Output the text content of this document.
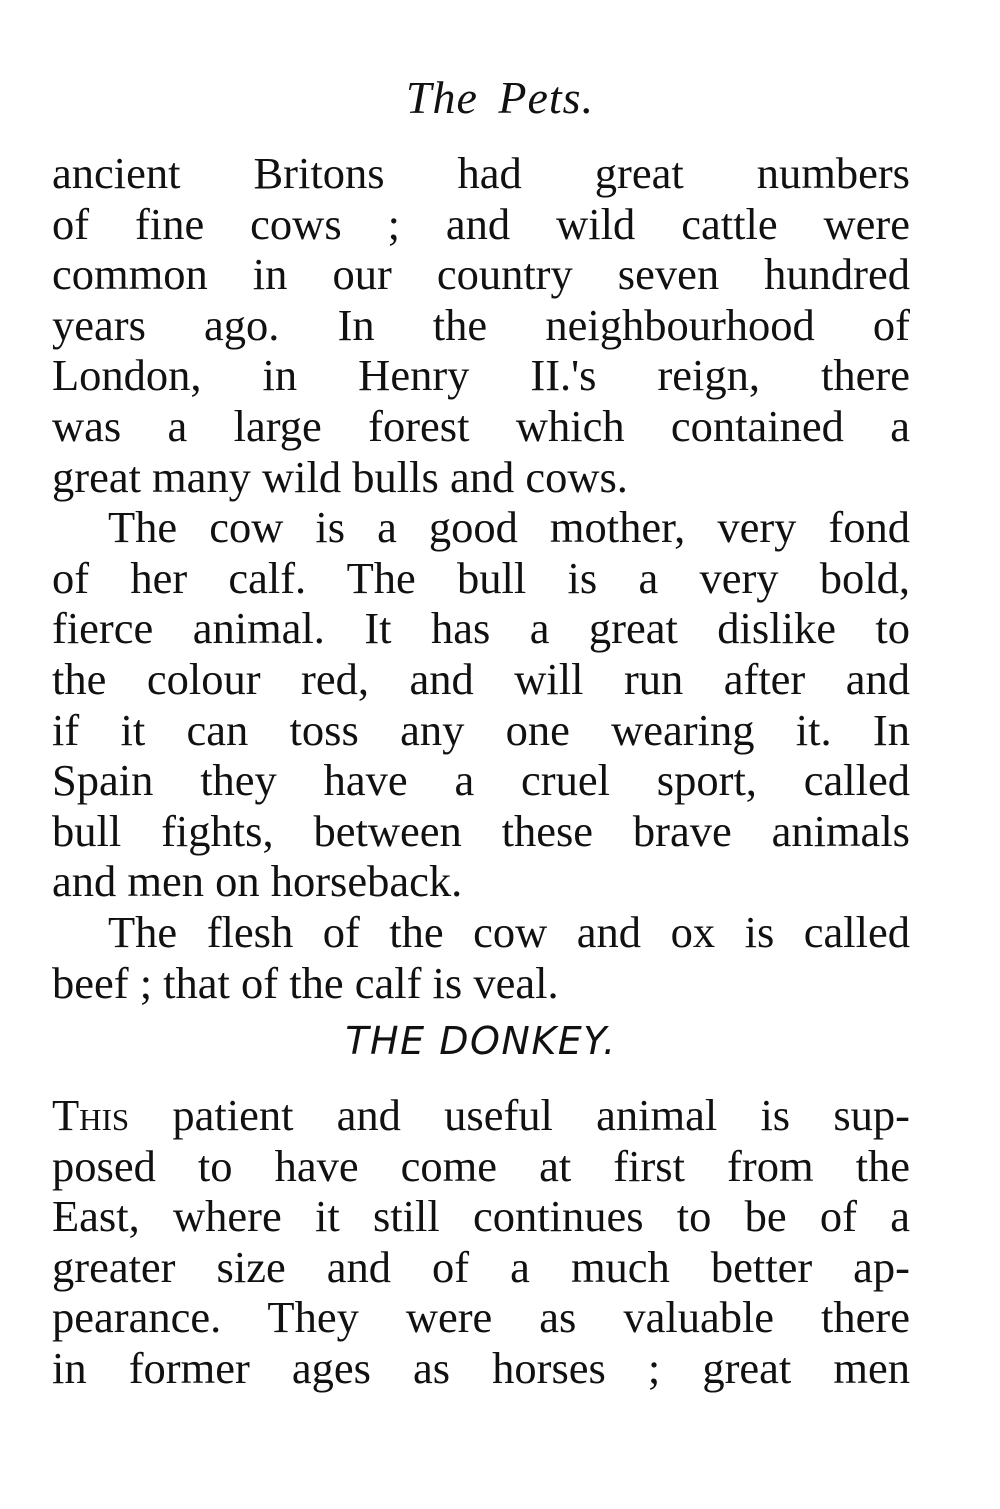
The Pets.
ancient Britons had great numbers
of fine cows ; and wild cattle were
common in our country seven hundred
years ago. In the neighbourhood of
London, in Henry II.'s reign, there
was a large forest which contained a
great many wild bulls and cows.
The cow is a good mother, very fond
of her calf. The bull is a very bold,
fierce animal. It has a great dislike to
the colour red, and will run after and
if it can toss any one wearing it. In
Spain they have a cruel sport, called
bull fights, between these brave animals
and men on horseback.
The flesh of the cow and ox is called
beef ; that of the calf is veal.
THE DONKEY.
This patient and useful animal is sup-
posed to have come at first from the
East, where it still continues to be of a
greater size and of a much better ap-
pearance. They were as valuable there
in former ages as horses ; great men
